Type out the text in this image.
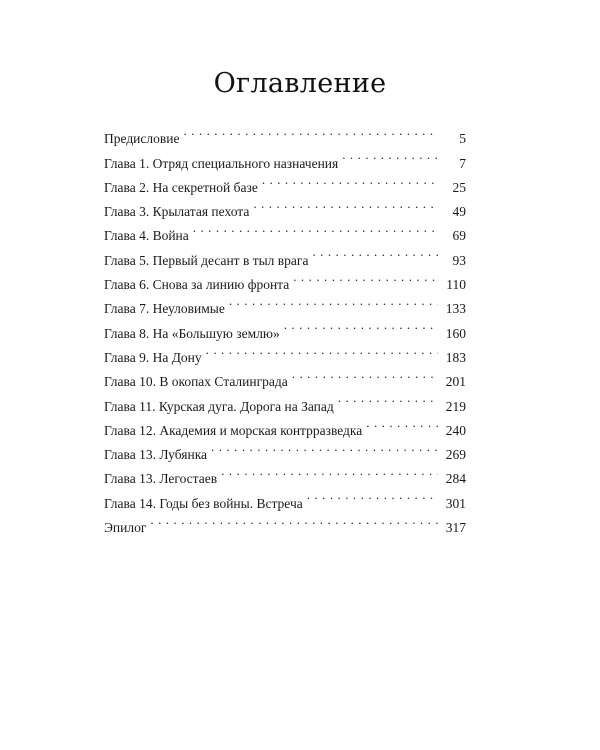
Оглавление
Предисловие . . .	5
Глава 1. Отряд специального назначения . . .	7
Глава 2. На секретной базе . . .	25
Глава 3. Крылатая пехота . . .	49
Глава 4. Война . . .	69
Глава 5. Первый десант в тыл врага . . .	93
Глава 6. Снова за линию фронта . . .	110
Глава 7. Неуловимые . . .	133
Глава 8. На «Большую землю» . . .	160
Глава 9. На Дону . . .	183
Глава 10. В окопах Сталинграда . . .	201
Глава 11. Курская дуга. Дорога на Запад . . .	219
Глава 12. Академия и морская контрразведка . . .	240
Глава 13. Лубянка . . .	269
Глава 13. Легостаев . . .	284
Глава 14. Годы без войны. Встреча . . .	301
Эпилог . . .	317
